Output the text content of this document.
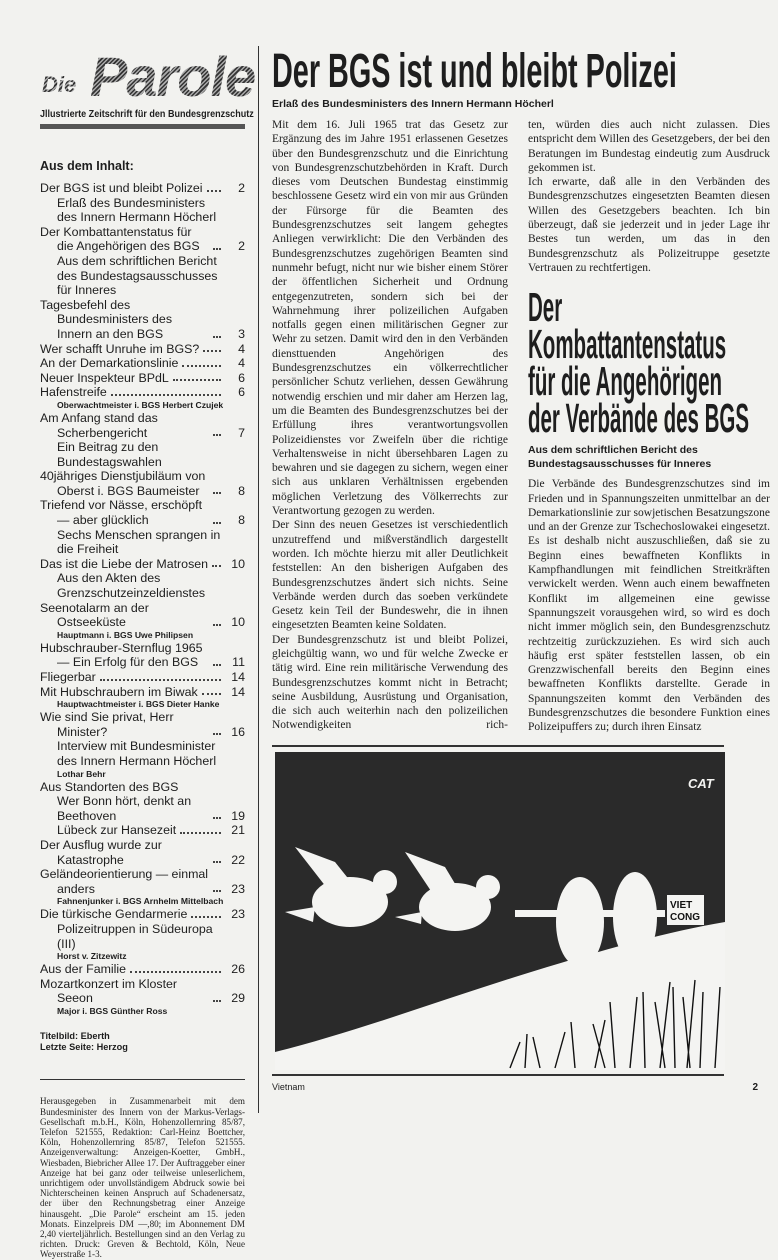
Die Parole
Jllustrierte Zeitschrift für den Bundesgrenzschutz
Aus dem Inhalt:
Der BGS ist und bleibt Polizei	2
Erlaß des Bundesministers des Innern Hermann Höcherl
Der Kombattantenstatus für die Angehörigen des BGS	2
Aus dem schriftlichen Bericht des Bundestagsausschusses für Inneres
Tagesbefehl des Bundesministers des Innern an den BGS	3
Wer schafft Unruhe im BGS?	4
An der Demarkationslinie	4
Neuer Inspekteur BPdL	6
Hafenstreife	6
Oberwachtmeister i. BGS Herbert Czujek
Am Anfang stand das Scherbengericht	7
Ein Beitrag zu den Bundestagswahlen
40jähriges Dienstjubiläum von Oberst i. BGS Baumeister	8
Triefend vor Nässe, erschöpft — aber glücklich	8
Sechs Menschen sprangen in die Freiheit
Das ist die Liebe der Matrosen	10
Aus den Akten des Grenzschutzeinzeldienstes
Seenotalarm an der Ostseeküste	10
Hauptmann i. BGS Uwe Philipsen
Hubschrauber-Sternflug 1965 — Ein Erfolg für den BGS	11
Fliegerbar	14
Mit Hubschraubern im Biwak	14
Hauptwachtmeister i. BGS Dieter Hanke
Wie sind Sie privat, Herr Minister?	16
Interview mit Bundesminister des Innern Hermann Höcherl
Lothar Behr
Aus Standorten des BGS
Wer Bonn hört, denkt an Beethoven	19
Lübeck zur Hansezeit	21
Der Ausflug wurde zur Katastrophe	22
Geländeorientierung — einmal anders	23
Fahnenjunker i. BGS Arnhelm Mittelbach
Die türkische Gendarmerie	23
Polizeitruppen in Südeuropa (III)
Horst v. Zitzewitz
Aus der Familie	26
Mozartkonzert im Kloster Seeon	29
Major i. BGS Günther Ross
Titelbild: Eberth
Letzte Seite: Herzog
Herausgegeben in Zusammenarbeit mit dem Bundesminister des Innern von der Markus-Verlags-Gesellschaft m.b.H., Köln, Hohenzollernring 85/87, Telefon 521555, Redaktion: Carl-Heinz Boettcher, Köln, Hohenzollernring 85/87, Telefon 521555. Anzeigenverwaltung: Anzeigen-Koetter, GmbH., Wiesbaden, Biebricher Allee 17. Der Auftraggeber einer Anzeige hat bei ganz oder teilweise unleserlichem, unrichtigem oder unvollständigem Abdruck sowie bei Nichterscheinen keinen Anspruch auf Schadenersatz, der über den Rechnungsbetrag einer Anzeige hinausgeht. „Die Parole“ erscheint am 15. jeden Monats. Einzelpreis DM —,80; im Abonnement DM 2,40 vierteljährlich. Bestellungen sind an den Verlag zu richten. Druck: Greven & Bechtold, Köln, Neue Weyerstraße 1-3.
Der BGS ist und bleibt Polizei
Erlaß des Bundesministers des Innern Hermann Höcherl

Mit dem 16. Juli 1965 trat das Gesetz zur Ergänzung des im Jahre 1951 erlassenen Gesetzes über den Bundesgrenzschutz und die Einrichtung von Bundesgrenzschutzbehörden in Kraft. Durch dieses vom Deutschen Bundestag einstimmig beschlossene Gesetz wird ein von mir aus Gründen der Fürsorge für die Beamten des Bundesgrenzschutzes seit langem gehegtes Anliegen verwirklicht: Die den Verbänden des Bundesgrenzschutzes zugehörigen Beamten sind nunmehr befugt, nicht nur wie bisher einem Störer der öffentlichen Sicherheit und Ordnung entgegenzutreten, sondern sich bei der Wahrnehmung ihrer polizeilichen Aufgaben notfalls gegen einen militärischen Gegner zur Wehr zu setzen. Damit wird den in den Verbänden diensttuenden Angehörigen des Bundesgrenzschutzes ein völkerrechtlicher persönlicher Schutz verliehen, dessen Gewährung notwendig erschien und mir daher am Herzen lag, um die Beamten des Bundesgrenzschutzes bei der Erfüllung ihres verantwortungsvollen Polizeidienstes vor Zweifeln über die richtige Verhaltensweise in nicht übersehbaren Lagen zu bewahren und sie dagegen zu sichern, wegen einer sich aus unklaren Verhältnissen ergebenden möglichen Verletzung des Völkerrechts zur Verantwortung gezogen zu werden.

Der Sinn des neuen Gesetzes ist verschiedentlich unzutreffend und mißverständlich dargestellt worden. Ich möchte hierzu mit aller Deutlichkeit feststellen: An den bisherigen Aufgaben des Bundesgrenzschutzes ändert sich nichts. Seine Verbände werden durch das soeben verkündete Gesetz kein Teil der Bundeswehr, die in ihnen eingesetzten Beamten keine Soldaten.

Der Bundesgrenzschutz ist und bleibt Polizei, gleichgültig wann, wo und für welche Zwecke er tätig wird. Eine rein militärische Verwendung des Bundesgrenzschutzes kommt nicht in Betracht; seine Ausbildung, Ausrüstung und Organisation, die sich auch weiterhin nach den polizeilichen Notwendigkeiten rich-

ten, würden dies auch nicht zulassen. Dies entspricht dem Willen des Gesetzgebers, der bei den Beratungen im Bundestag eindeutig zum Ausdruck gekommen ist.

Ich erwarte, daß alle in den Verbänden des Bundesgrenzschutzes eingesetzten Beamten diesen Willen des Gesetzgebers beachten. Ich bin überzeugt, daß sie jederzeit und in jeder Lage ihr Bestes tun werden, um das in den Bundesgrenzschutz als Polizeitruppe gesetzte Vertrauen zu rechtfertigen.

Der
Kombattantenstatus
für die Angehörigen
der Verbände des BGS
Aus dem schriftlichen Bericht des Bundestagsausschusses für Inneres

Die Verbände des Bundesgrenzschutzes sind im Frieden und in Spannungszeiten unmittelbar an der Demarkationslinie zur sowjetischen Besatzungszone und an der Grenze zur Tschechoslowakei eingesetzt. Es ist deshalb nicht auszuschließen, daß sie zu Beginn eines bewaffneten Konflikts in Kampfhandlungen mit feindlichen Streitkräften verwickelt werden. Wenn auch einem bewaffneten Konflikt im allgemeinen eine gewisse Spannungszeit vorausgehen wird, so wird es doch nicht immer möglich sein, den Bundesgrenzschutz rechtzeitig zurückzuziehen. Es wird sich auch häufig erst später feststellen lassen, ob ein Grenzzwischenfall bereits den Beginn eines bewaffneten Konflikts darstellte. Gerade in Spannungszeiten kommt den Verbänden des Bundesgrenzschutzes die besondere Funktion eines Polizeipuffers zu; durch ihren Einsatz

VIET
CONG
CAT
tp
Vietnam	2
